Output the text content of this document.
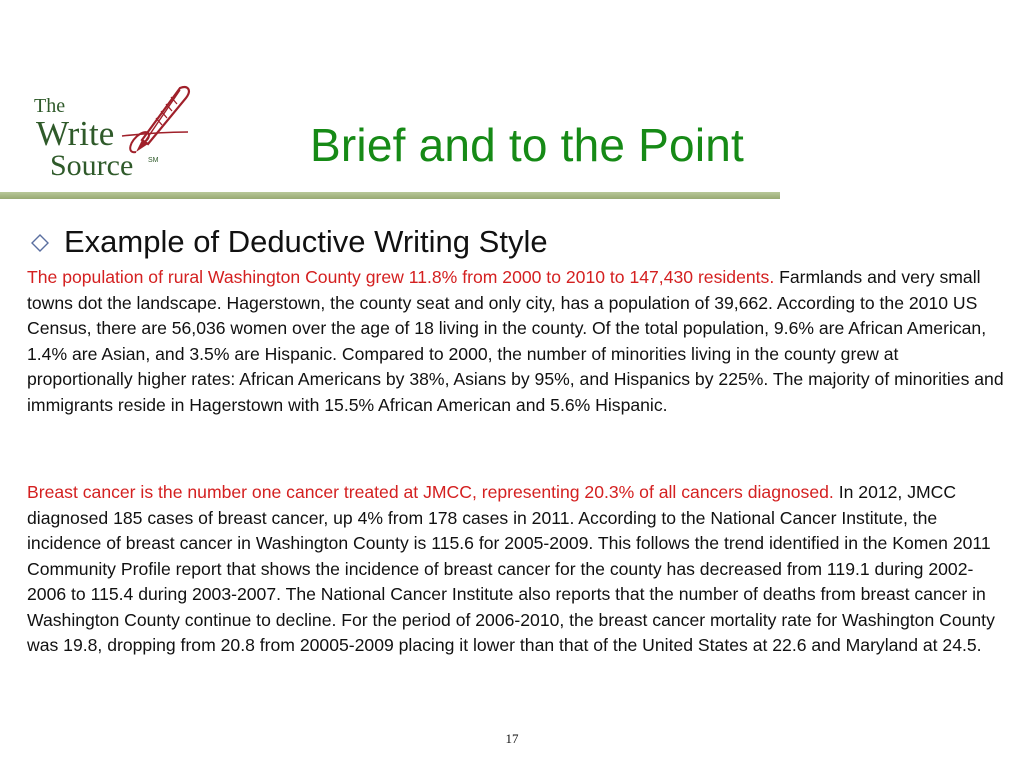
The
Write
Source SM	Brief and to the Point
Example of Deductive Writing Style

The population of rural Washington County grew 11.8% from 2000 to 2010 to 147,430 residents. Farmlands and very small towns dot the landscape. Hagerstown, the county seat and only city, has a population of 39,662. According to the 2010 US Census, there are 56,036 women over the age of 18 living in the county. Of the total population, 9.6% are African American, 1.4% are Asian, and 3.5% are Hispanic. Compared to 2000, the number of minorities living in the county grew at proportionally higher rates: African Americans by 38%, Asians by 95%, and Hispanics by 225%. The majority of minorities and immigrants reside in Hagerstown with 15.5% African American and 5.6% Hispanic.

Breast cancer is the number one cancer treated at JMCC, representing 20.3% of all cancers diagnosed. In 2012, JMCC diagnosed 185 cases of breast cancer, up 4% from 178 cases in 2011. According to the National Cancer Institute, the incidence of breast cancer in Washington County is 115.6 for 2005-2009. This follows the trend identified in the Komen 2011 Community Profile report that shows the incidence of breast cancer for the county has decreased from 119.1 during 2002-2006 to 115.4 during 2003-2007. The National Cancer Institute also reports that the number of deaths from breast cancer in Washington County continue to decline. For the period of 2006-2010, the breast cancer mortality rate for Washington County was 19.8, dropping from 20.8 from 20005-2009 placing it lower than that of the United States at 22.6 and Maryland at 24.5.

17
